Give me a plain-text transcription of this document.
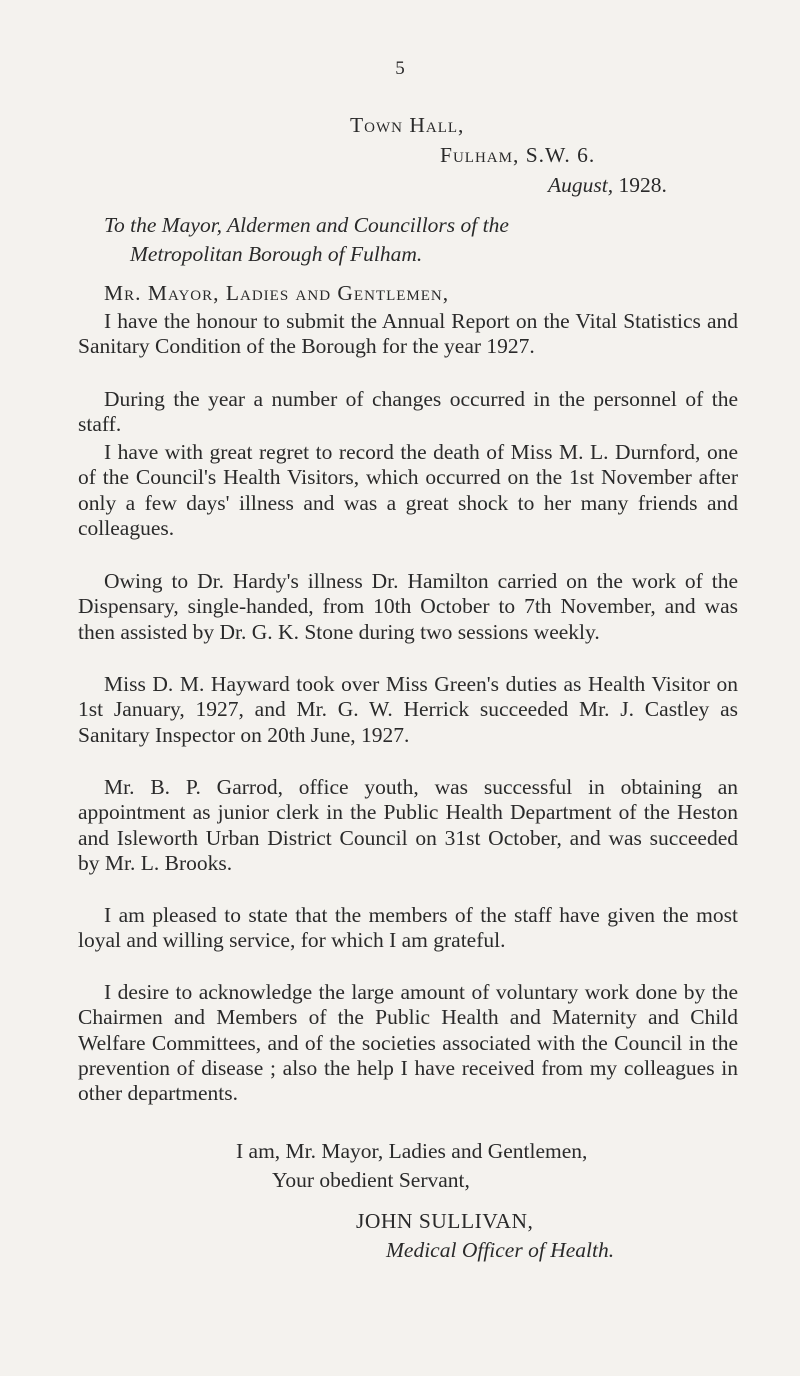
5
Town Hall,
Fulham, S.W. 6.
August, 1928.
To the Mayor, Aldermen and Councillors of the
Metropolitan Borough of Fulham.
Mr. Mayor, Ladies and Gentlemen,
I have the honour to submit the Annual Report on the Vital Statistics and Sanitary Condition of the Borough for the year 1927.
During the year a number of changes occurred in the personnel of the staff.
I have with great regret to record the death of Miss M. L. Durnford, one of the Council's Health Visitors, which occurred on the 1st November after only a few days' illness and was a great shock to her many friends and colleagues.
Owing to Dr. Hardy's illness Dr. Hamilton carried on the work of the Dispensary, single-handed, from 10th October to 7th November, and was then assisted by Dr. G. K. Stone during two sessions weekly.
Miss D. M. Hayward took over Miss Green's duties as Health Visitor on 1st January, 1927, and Mr. G. W. Herrick succeeded Mr. J. Castley as Sanitary Inspector on 20th June, 1927.
Mr. B. P. Garrod, office youth, was successful in obtaining an appointment as junior clerk in the Public Health Department of the Heston and Isleworth Urban District Council on 31st October, and was succeeded by Mr. L. Brooks.
I am pleased to state that the members of the staff have given the most loyal and willing service, for which I am grateful.
I desire to acknowledge the large amount of voluntary work done by the Chairmen and Members of the Public Health and Maternity and Child Welfare Committees, and of the societies associated with the Council in the prevention of disease ; also the help I have received from my colleagues in other departments.
I am, Mr. Mayor, Ladies and Gentlemen,
Your obedient Servant,
JOHN SULLIVAN,
Medical Officer of Health.
